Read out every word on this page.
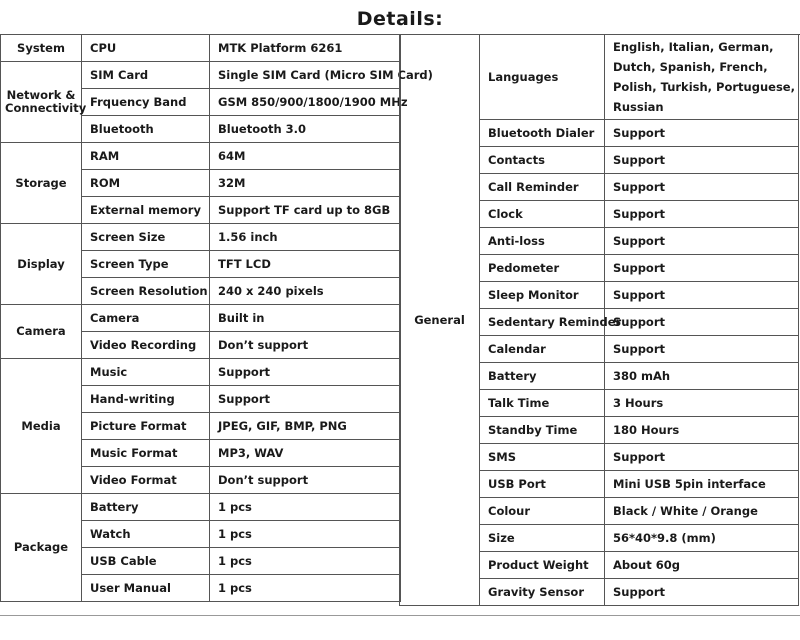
Details:
System	CPU	MTK Platform 6261
Network & Connectivity	SIM Card	Single SIM Card (Micro SIM Card)
	Frquency Band	GSM 850/900/1800/1900 MHz
	Bluetooth	Bluetooth 3.0
Storage	RAM	64M
	ROM	32M
	External memory	Support TF card up to 8GB
Display	Screen Size	1.56 inch
	Screen Type	TFT LCD
	Screen Resolution	240 x 240 pixels
Camera	Camera	Built in
	Video Recording	Don’t support
Media	Music	Support
	Hand-writing	Support
	Picture Format	JPEG, GIF, BMP, PNG
	Music Format	MP3, WAV
	Video Format	Don’t support
Package	Battery	1 pcs
	Watch	1 pcs
	USB Cable	1 pcs
	User Manual	1 pcs
General	Languages	English, Italian, German, Dutch, Spanish, French, Polish, Turkish, Portuguese, Russian
	Bluetooth Dialer	Support
	Contacts	Support
	Call Reminder	Support
	Clock	Support
	Anti-loss	Support
	Pedometer	Support
	Sleep Monitor	Support
	Sedentary Reminder	Support
	Calendar	Support
	Battery	380 mAh
	Talk Time	3 Hours
	Standby Time	180 Hours
	SMS	Support
	USB Port	Mini USB 5pin interface
	Colour	Black / White / Orange
	Size	56*40*9.8 (mm)
	Product Weight	About 60g
	Gravity Sensor	Support
